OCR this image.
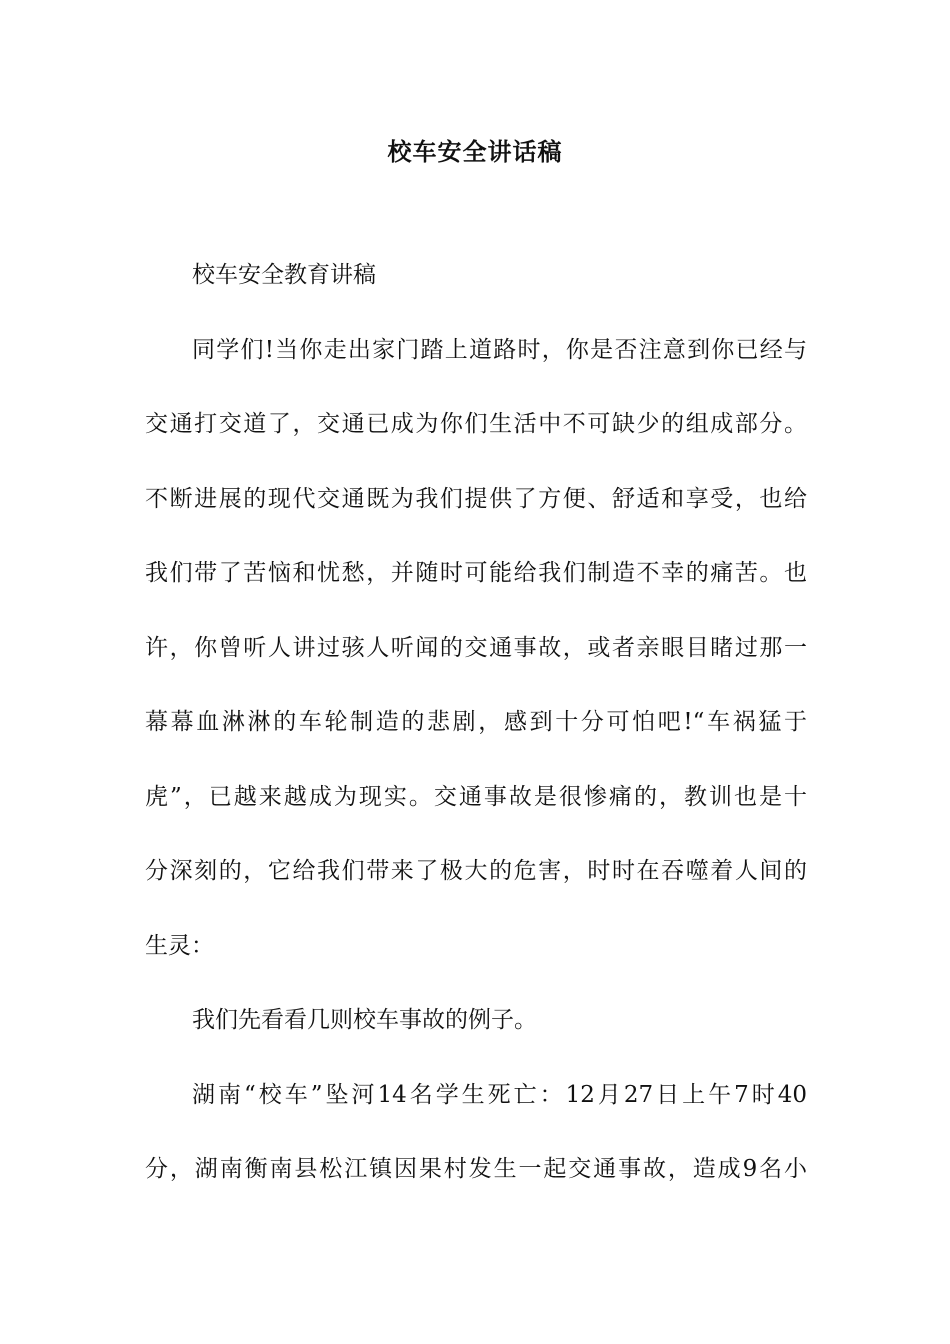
校车安全讲话稿
校车安全教育讲稿
同学们!当你走出家门踏上道路时，你是否注意到你已经与
交通打交道了，交通已成为你们生活中不可缺少的组成部分。
不断进展的现代交通既为我们提供了方便、舒适和享受，也给
我们带了苦恼和忧愁，并随时可能给我们制造不幸的痛苦。也
许，你曾听人讲过骇人听闻的交通事故，或者亲眼目睹过那一
幕幕血淋淋的车轮制造的悲剧，感到十分可怕吧!“车祸猛于
虎”，已越来越成为现实。交通事故是很惨痛的，教训也是十
分深刻的，它给我们带来了极大的危害，时时在吞噬着人间的
生灵：
我们先看看几则校车事故的例子。
湖南“校车”坠河14名学生死亡：12月27日上午7时40
分，湖南衡南县松江镇因果村发生一起交通事故，造成9名小
